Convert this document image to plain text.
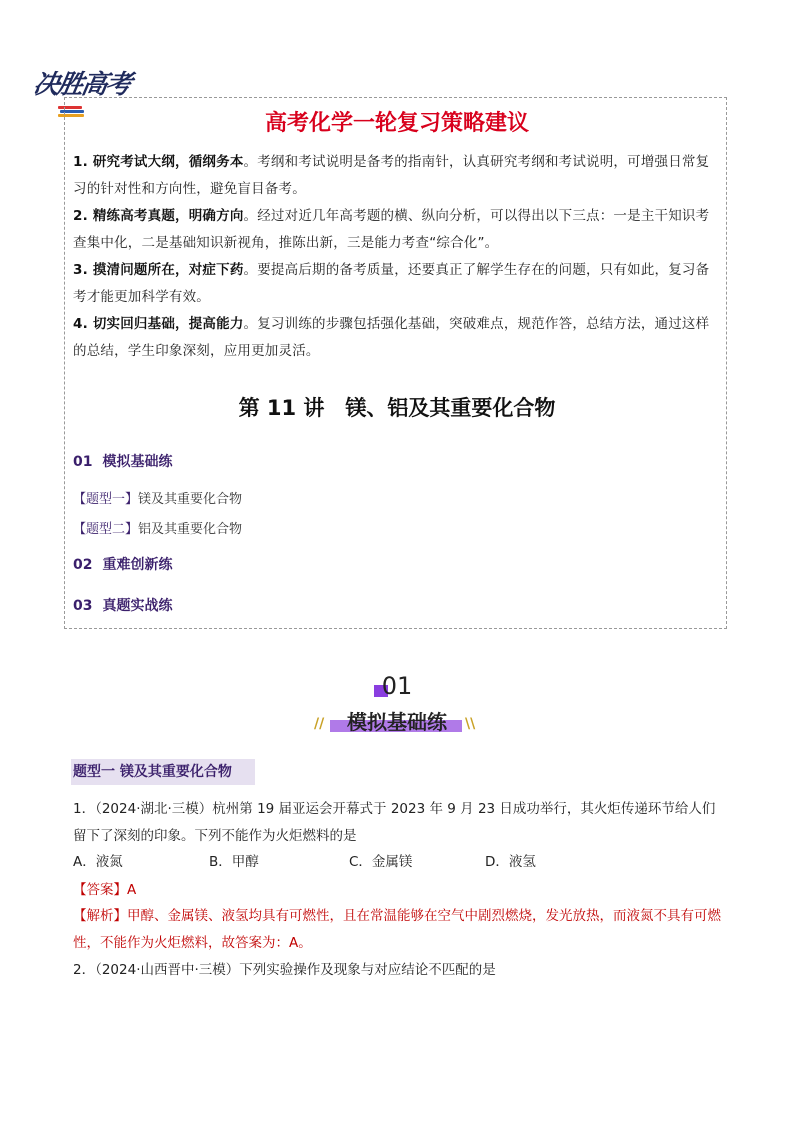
决胜高考
高考化学一轮复习策略建议
1. 研究考试大纲，循纲务本。考纲和考试说明是备考的指南针，认真研究考纲和考试说明，可增强日常复习的针对性和方向性，避免盲目备考。
2. 精练高考真题，明确方向。经过对近几年高考题的横、纵向分析，可以得出以下三点：一是主干知识考查集中化，二是基础知识新视角，推陈出新，三是能力考查“综合化”。
3. 摸清问题所在，对症下药。要提高后期的备考质量，还要真正了解学生存在的问题，只有如此，复习备考才能更加科学有效。
4. 切实回归基础，提高能力。复习训练的步骤包括强化基础，突破难点，规范作答，总结方法，通过这样的总结，学生印象深刻，应用更加灵活。
第 11 讲　镁、铝及其重要化合物
01 模拟基础练
【题型一】镁及其重要化合物
【题型二】铝及其重要化合物
02 重难创新练
03 真题实战练
01
//	模拟基础练	\\
题型一 镁及其重要化合物
1．（2024·湖北·三模）杭州第 19 届亚运会开幕式于 2023 年 9 月 23 日成功举行，其火炬传递环节给人们留下了深刻的印象。下列不能作为火炬燃料的是
A．液氮	B．甲醇	C．金属镁	D．液氢
【答案】A
【解析】甲醇、金属镁、液氢均具有可燃性，且在常温能够在空气中剧烈燃烧，发光放热，而液氮不具有可燃性，不能作为火炬燃料，故答案为：A。
2．（2024·山西晋中·三模）下列实验操作及现象与对应结论不匹配的是
